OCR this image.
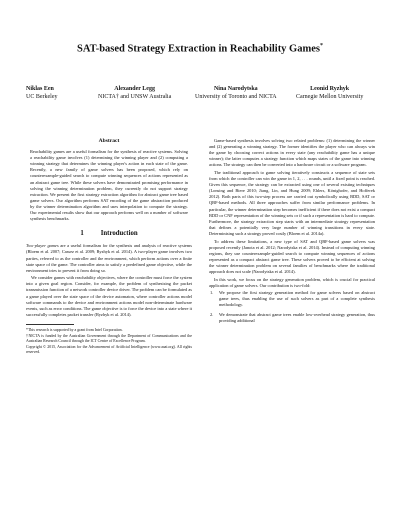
SAT-based Strategy Extraction in Reachability Games*
Niklas Een
UC Berkeley
Alexander Legg
NICTA† and UNSW Australia
Nina Narodytska
University of Toronto and NICTA
Leonid Ryzhyk
Carnegie Mellon University
Abstract

Reachability games are a useful formalism for the synthesis of reactive systems. Solving a reachability game involves (1) determining the winning player and (2) computing a winning strategy that determines the winning player's action in each state of the game. Recently, a new family of game solvers has been proposed, which rely on counterexample-guided search to compute winning sequences of actions represented as an abstract game tree. While these solvers have demonstrated promising performance in solving the winning determination problem, they currently do not support strategy extraction. We present the first strategy extraction algorithm for abstract game tree based game solvers. Our algorithm performs SAT encoding of the game abstraction produced by the winner determination algorithm and uses interpolation to compute the strategy. Our experimental results show that our approach performs well on a number of software synthesis benchmarks.

1          Introduction

Two-player games are a useful formalism for the synthesis and analysis of reactive systems (Bloem et al. 2007; Cassez et al. 2009; Ryzhyk et al. 2014). A two-player game involves two parties, referred to as the controller and the environment, which perform actions over a finite state space of the game. The controller aims to satisfy a predefined game objective, while the environment tries to prevent it from doing so.

We consider games with reachability objectives, where the controller must force the system into a given goal region. Consider, for example, the problem of synthesising the packet transmission function of a network controller device driver. The problem can be formulated as a game played over the state space of the device automaton, where controller actions model software commands to the device and environment actions model non-determinate hardware events, such as error conditions. The game objective is to force the device into a state where it successfully completes packet transfer (Ryzhyk et al. 2014).

*This research is supported by a grant from Intel Corporation.
†NICTA is funded by the Australian Government through the Department of Communications and the Australian Research Council through the ICT Centre of Excellence Program.
Copyright © 2015, Association for the Advancement of Artificial Intelligence (www.aaai.org). All rights reserved.

Game-based synthesis involves solving two related problems: (1) determining the winner and (2) generating a winning strategy. The former identifies the player who can always win the game by choosing correct actions in every state (any reachability game has a unique winner); the latter computes a strategy function which maps states of the game into winning actions. The strategy can then be converted into a hardware circuit or a software program.

The traditional approach to game solving iteratively constructs a sequence of state sets from which the controller can win the game in 1, 2, . . . rounds, until a fixed point is reached. Given this sequence, the strategy can be extracted using one of several existing techniques (Lonsing and Biere 2010; Jiang, Lin, and Hung 2009; Ehlers, Könighofer, and Hofferek 2012). Both parts of this two-step process are carried out symbolically using BDD, SAT or QBF-based methods. All three approaches suffer from similar performance problems. In particular, the winner determination step becomes inefficient if there does not exist a compact BDD or CNF representation of the winning sets or if such a representation is hard to compute. Furthermore, the strategy extraction step starts with an intermediate strategy representation that defines a potentially very large number of winning transitions in every state. Determinising such a strategy proved costly (Bloem et al. 2014a).

To address these limitations, a new type of SAT and QBF-based game solvers was proposed recently (Janota et al. 2012; Narodytska et al. 2014). Instead of computing winning regions, they use counterexample-guided search to compute winning sequences of actions represented as a compact abstract game tree. These solvers proved to be efficient at solving the winner determination problem on several families of benchmarks where the traditional approach does not scale (Narodytska et al. 2014).

In this work, we focus on the strategy generation problem, which is crucial for practical application of game solvers. Our contribution is two-fold:

1. We propose the first strategy generation method for game solvers based on abstract game trees, thus enabling the use of such solvers as part of a complete synthesis methodology.
2. We demonstrate that abstract game trees enable low-overhead strategy generation, thus providing additional
